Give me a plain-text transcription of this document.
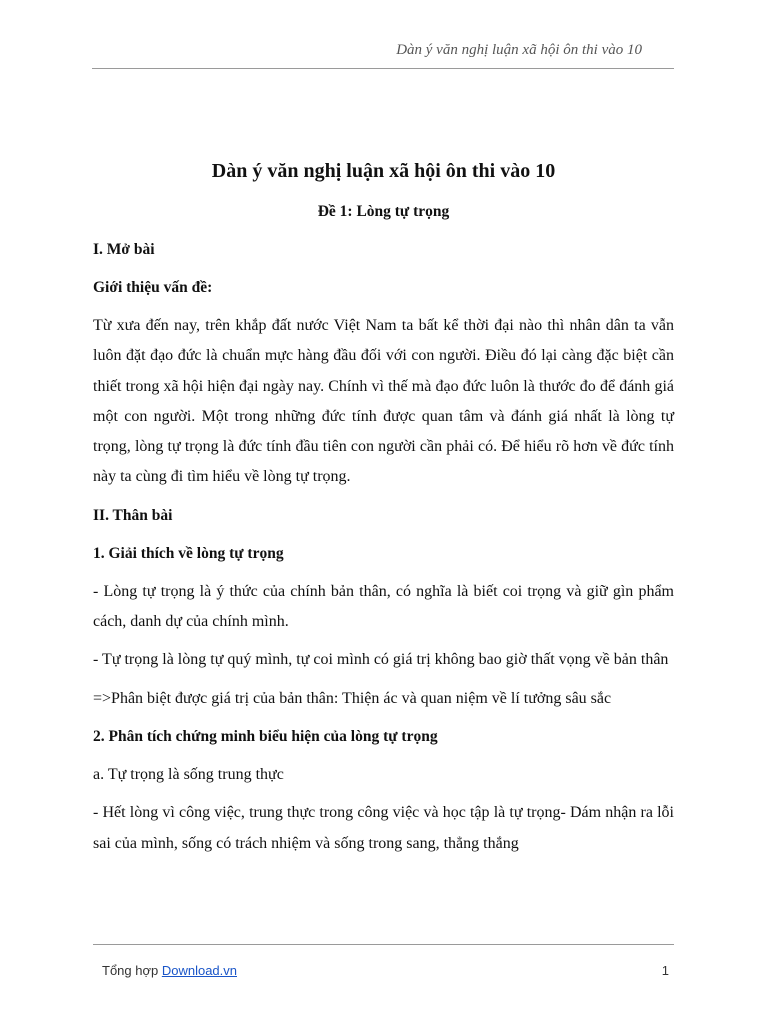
Dàn ý văn nghị luận xã hội ôn thi vào 10
Dàn ý văn nghị luận xã hội ôn thi vào 10
Đề 1: Lòng tự trọng
I. Mở bài
Giới thiệu vấn đề:
Từ xưa đến nay, trên khắp đất nước Việt Nam ta bất kể thời đại nào thì nhân dân ta vẫn luôn đặt đạo đức là chuẩn mực hàng đầu đối với con người. Điều đó lại càng đặc biệt cần thiết trong xã hội hiện đại ngày nay. Chính vì thế mà đạo đức luôn là thước đo để đánh giá một con người. Một trong những đức tính được quan tâm và đánh giá nhất là lòng tự trọng, lòng tự trọng là đức tính đầu tiên con người cần phải có. Để hiểu rõ hơn về đức tính này ta cùng đi tìm hiểu về lòng tự trọng.
II. Thân bài
1. Giải thích về lòng tự trọng
- Lòng tự trọng là ý thức của chính bản thân, có nghĩa là biết coi trọng và giữ gìn phẩm cách, danh dự của chính mình.
- Tự trọng là lòng tự quý mình, tự coi mình có giá trị không bao giờ thất vọng về bản thân
=>Phân biệt được giá trị của bản thân: Thiện ác và quan niệm về lí tưởng sâu sắc
2. Phân tích chứng minh biểu hiện của lòng tự trọng
a. Tự trọng là sống trung thực
- Hết lòng vì công việc, trung thực trong công việc và học tập là tự trọng- Dám nhận ra lỗi sai của mình, sống có trách nhiệm và sống trong sang, thẳng thắng
Tổng hợp Download.vn	1
